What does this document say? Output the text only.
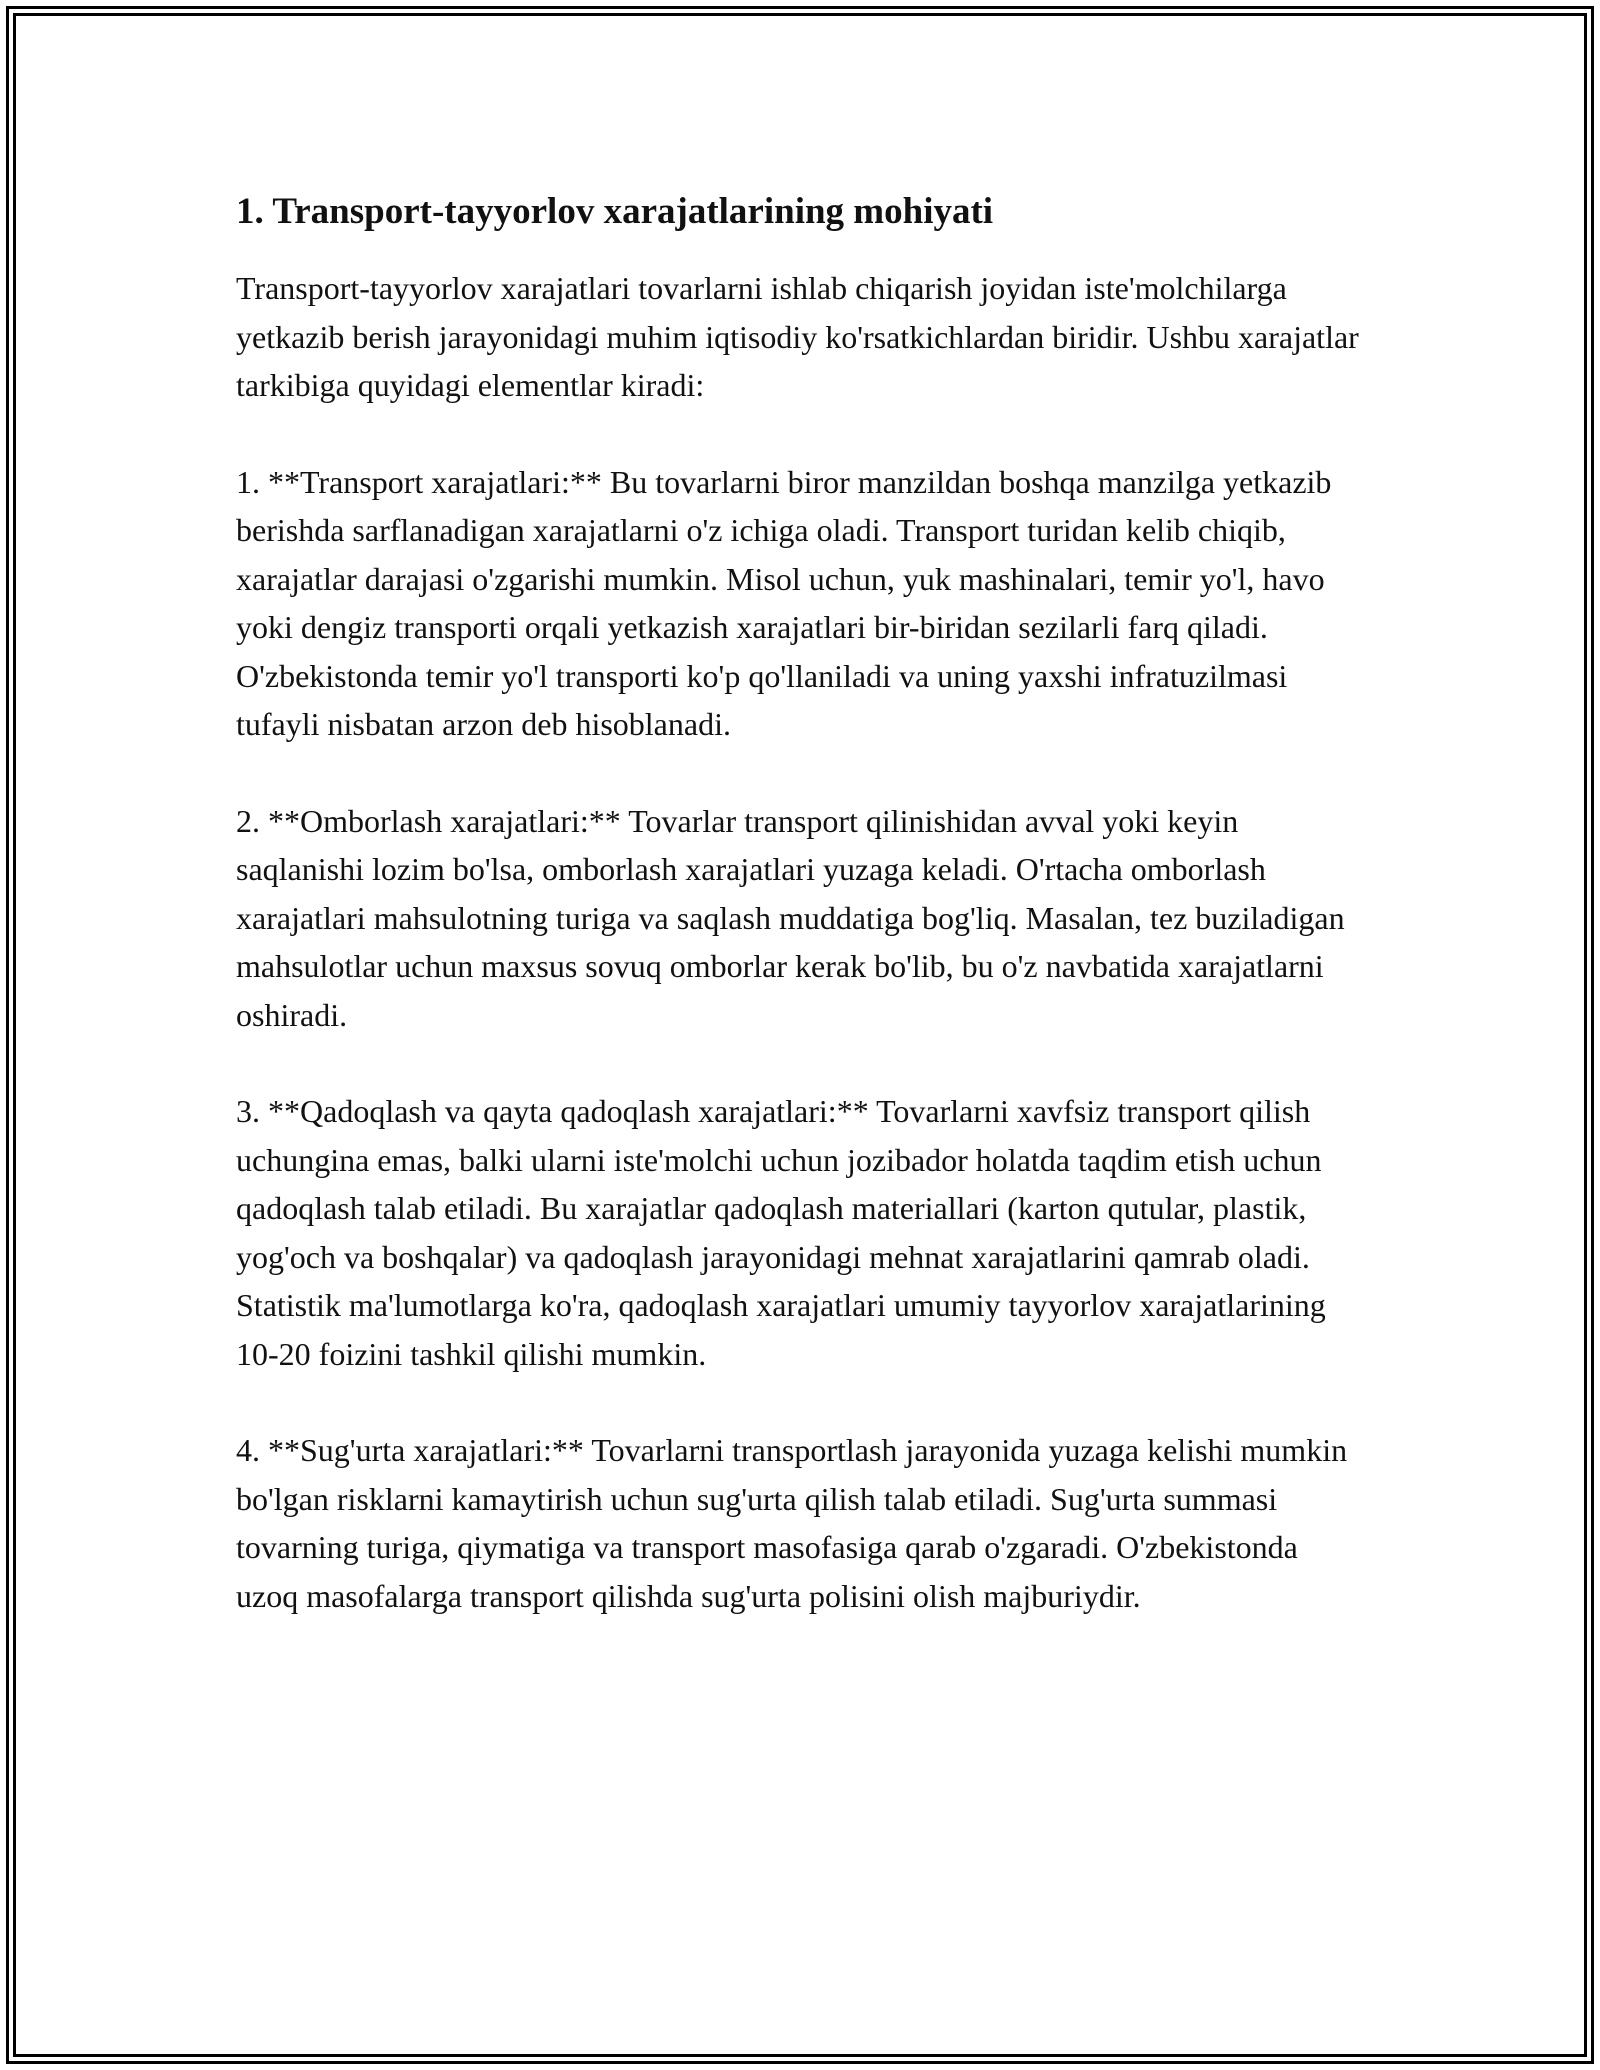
1. Transport-tayyorlov xarajatlarining mohiyati

Transport-tayyorlov xarajatlari tovarlarni ishlab chiqarish joyidan iste'molchilarga yetkazib berish jarayonidagi muhim iqtisodiy ko'rsatkichlardan biridir. Ushbu xarajatlar tarkibiga quyidagi elementlar kiradi:

1. **Transport xarajatlari:** Bu tovarlarni biror manzildan boshqa manzilga yetkazib berishda sarflanadigan xarajatlarni o'z ichiga oladi. Transport turidan kelib chiqib, xarajatlar darajasi o'zgarishi mumkin. Misol uchun, yuk mashinalari, temir yo'l, havo yoki dengiz transporti orqali yetkazish xarajatlari bir-biridan sezilarli farq qiladi. O'zbekistonda temir yo'l transporti ko'p qo'llaniladi va uning yaxshi infratuzilmasi tufayli nisbatan arzon deb hisoblanadi.

2. **Omborlash xarajatlari:** Tovarlar transport qilinishidan avval yoki keyin saqlanishi lozim bo'lsa, omborlash xarajatlari yuzaga keladi. O'rtacha omborlash xarajatlari mahsulotning turiga va saqlash muddatiga bog'liq. Masalan, tez buziladigan mahsulotlar uchun maxsus sovuq omborlar kerak bo'lib, bu o'z navbatida xarajatlarni oshiradi.

3. **Qadoqlash va qayta qadoqlash xarajatlari:** Tovarlarni xavfsiz transport qilish uchungina emas, balki ularni iste'molchi uchun jozibador holatda taqdim etish uchun qadoqlash talab etiladi. Bu xarajatlar qadoqlash materiallari (karton qutular, plastik, yog'och va boshqalar) va qadoqlash jarayonidagi mehnat xarajatlarini qamrab oladi. Statistik ma'lumotlarga ko'ra, qadoqlash xarajatlari umumiy tayyorlov xarajatlarining 10-20 foizini tashkil qilishi mumkin.

4. **Sug'urta xarajatlari:** Tovarlarni transportlash jarayonida yuzaga kelishi mumkin bo'lgan risklarni kamaytirish uchun sug'urta qilish talab etiladi. Sug'urta summasi tovarning turiga, qiymatiga va transport masofasiga qarab o'zgaradi. O'zbekistonda uzoq masofalarga transport qilishda sug'urta polisini olish majburiydir.
